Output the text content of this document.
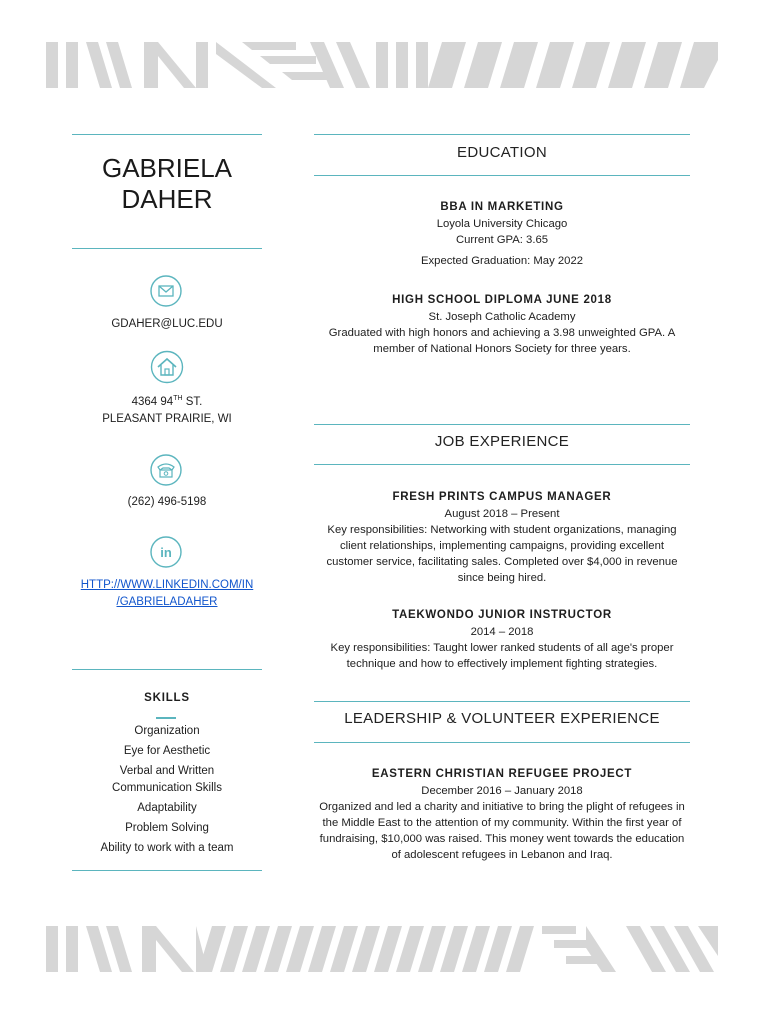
GABRIELA
DAHER
GDAHER@LUC.EDU
4364 94TH ST.
PLEASANT PRAIRIE, WI
(262) 496-5198
in
HTTP://WWW.LINKEDIN.COM/IN
/GABRIELADAHER
SKILLS
Organization
Eye for Aesthetic
Verbal and Written Communication Skills
Adaptability
Problem Solving
Ability to work with a team
EDUCATION
BBA IN MARKETING
Loyola University Chicago
Current GPA: 3.65
Expected Graduation: May 2022
HIGH SCHOOL DIPLOMA JUNE 2018
St. Joseph Catholic Academy
Graduated with high honors and achieving a 3.98 unweighted GPA. A member of National Honors Society for three years.
JOB EXPERIENCE
FRESH PRINTS CAMPUS MANAGER
August 2018 – Present
Key responsibilities: Networking with student organizations, managing client relationships, implementing campaigns, providing excellent customer service, facilitating sales. Completed over $4,000 in revenue since being hired.
TAEKWONDO JUNIOR INSTRUCTOR
2014 – 2018
Key responsibilities: Taught lower ranked students of all age's proper technique and how to effectively implement fighting strategies.
LEADERSHIP & VOLUNTEER EXPERIENCE
EASTERN CHRISTIAN REFUGEE PROJECT
December 2016 – January 2018
Organized and led a charity and initiative to bring the plight of refugees in the Middle East to the attention of my community. Within the first year of fundraising, $10,000 was raised. This money went towards the education of adolescent refugees in Lebanon and Iraq.
